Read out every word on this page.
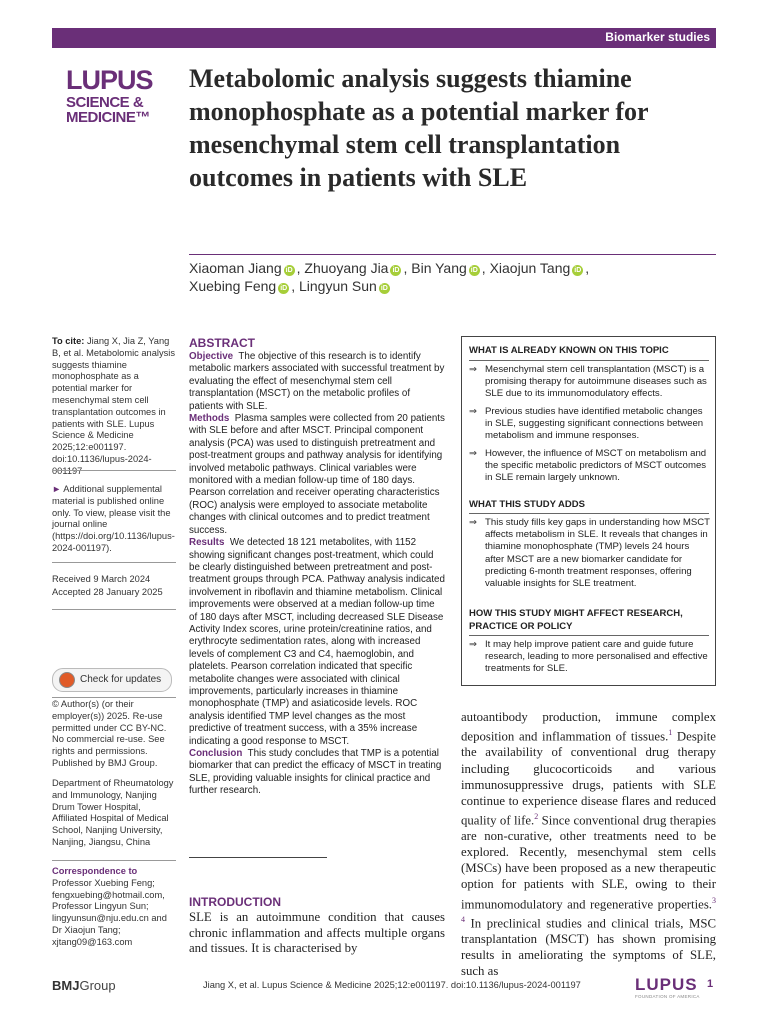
Biomarker studies
LUPUS
SCIENCE &
MEDICINE™
Metabolomic analysis suggests thiamine monophosphate as a potential marker for mesenchymal stem cell transplantation outcomes in patients with SLE
Xiaoman Jiang iD , Zhuoyang Jia iD , Bin Yang iD , Xiaojun Tang iD ,
Xuebing Feng iD , Lingyun Sun iD
To cite: Jiang X, Jia Z, Yang B, et al. Metabolomic analysis suggests thiamine monophosphate as a potential marker for mesenchymal stem cell transplantation outcomes in patients with SLE. Lupus Science & Medicine 2025;12:e001197. doi:10.1136/lupus-2024-
► Additional supplemental material is published online only. To view, please visit the journal online (https://doi.org/10.1136/lupus-2024-001197).
Received 9 March 2024
Accepted 28 January 2025
Check for updates
© Author(s) (or their employer(s)) 2025. Re-use permitted under CC BY-NC. No commercial re-use. See rights and permissions. Published by BMJ Group.
Department of Rheumatology and Immunology, Nanjing Drum Tower Hospital, Affiliated Hospital of Medical School, Nanjing University, Nanjing, Jiangsu, China
Correspondence to
Professor Xuebing Feng; fengxuebing@hotmail.com, Professor Lingyun Sun; lingyunsun@nju.edu.cn and Dr Xiaojun Tang; xjtang09@163.com
ABSTRACT
Objective The objective of this research is to identify metabolic markers associated with successful treatment by evaluating the effect of mesenchymal stem cell transplantation (MSCT) on the metabolic profiles of patients with SLE.
Methods Plasma samples were collected from 20 patients with SLE before and after MSCT. Principal component analysis (PCA) was used to distinguish pretreatment and post-treatment groups and pathway analysis for identifying involved metabolic pathways. Clinical variables were monitored with a median follow-up time of 180 days. Pearson correlation and receiver operating characteristics (ROC) analysis were employed to associate metabolite changes with clinical outcomes and to predict treatment success.
Results We detected 18 121 metabolites, with 1152 showing significant changes post-treatment, which could be clearly distinguished between pretreatment and post-treatment groups through PCA. Pathway analysis indicated involvement in riboflavin and thiamine metabolism. Clinical improvements were observed at a median follow-up time of 180 days after MSCT, including decreased SLE Disease Activity Index scores, urine protein/creatinine ratios, and erythrocyte sedimentation rates, along with increased levels of complement C3 and C4, haemoglobin, and platelets. Pearson correlation indicated that specific metabolite changes were associated with clinical improvements, particularly increases in thiamine monophosphate (TMP) and asiaticoside levels. ROC analysis identified TMP level changes as the most predictive of treatment success, with a 35% increase indicating a good response to MSCT.
Conclusion This study concludes that TMP is a potential biomarker that can predict the efficacy of MSCT in treating SLE, providing valuable insights for clinical practice and further research.
INTRODUCTION
SLE is an autoimmune condition that causes chronic inflammation and affects multiple organs and tissues. It is characterised by
WHAT IS ALREADY KNOWN ON THIS TOPIC
⇒ Mesenchymal stem cell transplantation (MSCT) is a promising therapy for autoimmune diseases such as SLE due to its immunomodulatory effects.
⇒ Previous studies have identified metabolic changes in SLE, suggesting significant connections between metabolism and immune responses.
⇒ However, the influence of MSCT on metabolism and the specific metabolic predictors of MSCT outcomes in SLE remain largely unknown.
WHAT THIS STUDY ADDS
⇒ This study fills key gaps in understanding how MSCT affects metabolism in SLE. It reveals that changes in thiamine monophosphate (TMP) levels 24 hours after MSCT are a new biomarker candidate for predicting 6-month treatment responses, offering valuable insights for SLE treatment.
HOW THIS STUDY MIGHT AFFECT RESEARCH, PRACTICE OR POLICY
⇒ It may help improve patient care and guide future research, leading to more personalised and effective treatments for SLE.
autoantibody production, immune complex deposition and inflammation of tissues.$^1$ Despite the availability of conventional drug therapy including glucocorticoids and various immunosuppressive drugs, patients with SLE continue to experience disease flares and reduced quality of life.$^2$ Since conventional drug therapies are non-curative, other treatments need to be explored. Recently, mesenchymal stem cells (MSCs) have been proposed as a new therapeutic option for patients with SLE, owing to their immunomodulatory and regenerative properties.$^{3 4}$ In preclinical studies and clinical trials, MSC transplantation (MSCT) has shown promising results in ameliorating the symptoms of SLE, such as
BMJGroup	Jiang X, et al. Lupus Science & Medicine 2025;12:e001197. doi:10.1136/lupus-2024-001197	LUPUS
FOUNDATION OF AMERICA
1
